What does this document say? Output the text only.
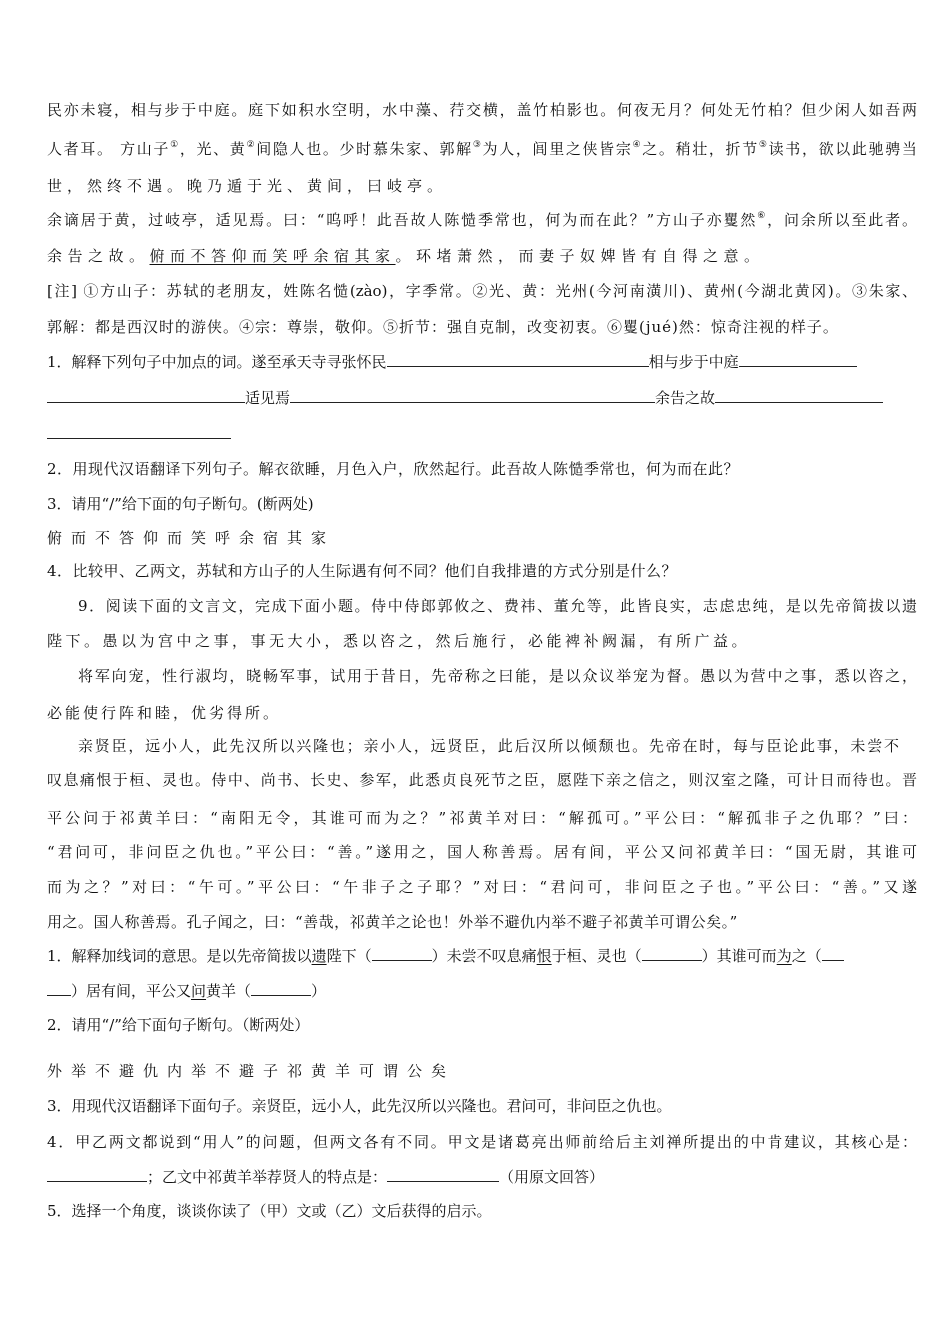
民亦未寝，相与步于中庭。庭下如积水空明，水中藻、荇交横，盖竹柏影也。何夜无月？何处无竹柏？但少闲人如吾两
人者耳。 方山子①，光、黄②间隐人也。少时慕朱家、郭解③为人，闾里之侠皆宗④之。稍壮，折节⑤读书，欲以此驰骋当
世，然终不遇。晚乃遁于光、黄间，曰岐亭。
余谪居于黄，过岐亭，适见焉。曰：“呜呼！此吾故人陈慥季常也，何为而在此？”方山子亦矍然⑥，问余所以至此者。
余告之故。俯而不答仰而笑呼余宿其家。环堵萧然，而妻子奴婢皆有自得之意。
[注] ①方山子：苏轼的老朋友，姓陈名慥(zào)，字季常。②光、黄：光州(今河南潢川)、黄州(今湖北黄冈)。③朱家、
郭解：都是西汉时的游侠。④宗：尊崇，敬仰。⑤折节：强自克制，改变初衷。⑥矍(jué)然：惊奇注视的样子。
1．解释下列句子中加点的词。遂至承天寺寻张怀民	相与步于中庭
适见焉	余告之故
2．用现代汉语翻译下列句子。解衣欲睡，月色入户，欣然起行。此吾故人陈慥季常也，何为而在此？
3．请用“/”给下面的句子断句。(断两处)
俯而不答仰而笑呼余宿其家
4．比较甲、乙两文，苏轼和方山子的人生际遇有何不同？他们自我排遣的方式分别是什么？
9．阅读下面的文言文，完成下面小题。侍中侍郎郭攸之、费祎、董允等，此皆良实，志虑忠纯，是以先帝简拔以遗
陛下。愚以为宫中之事，事无大小，悉以咨之，然后施行，必能裨补阙漏，有所广益。
将军向宠，性行淑均，晓畅军事，试用于昔日，先帝称之曰能，是以众议举宠为督。愚以为营中之事，悉以咨之，
必能使行阵和睦，优劣得所。
亲贤臣，远小人，此先汉所以兴隆也；亲小人，远贤臣，此后汉所以倾颓也。先帝在时，每与臣论此事，未尝不
叹息痛恨于桓、灵也。侍中、尚书、长史、参军，此悉贞良死节之臣，愿陛下亲之信之，则汉室之隆，可计日而待也。晋
平公问于祁黄羊曰：“南阳无令，其谁可而为之？”祁黄羊对曰：“解孤可。”平公曰：“解孤非子之仇耶？”曰：
“君问可，非问臣之仇也。”平公曰：“善。”遂用之，国人称善焉。居有间，平公又问祁黄羊曰：“国无尉，其谁可
而为之？”对曰：“午可。”平公曰：“午非子之子耶？”对曰：“君问可，非问臣之子也。”平公曰：“善。”又遂
用之。国人称善焉。孔子闻之，曰：“善哉，祁黄羊之论也！外举不避仇内举不避子祁黄羊可谓公矣。”
1．解释加线词的意思。是以先帝简拔以遗陛下（	）未尝不叹息痛恨于桓、灵也（	）其谁可而为之（
）居有间，平公又问黄羊（	）
2．请用“/”给下面句子断句。（断两处）
外举不避仇内举不避子祁黄羊可谓公矣
3．用现代汉语翻译下面句子。亲贤臣，远小人，此先汉所以兴隆也。君问可，非问臣之仇也。
4．甲乙两文都说到“用人”的问题，但两文各有不同。甲文是诸葛亮出师前给后主刘禅所提出的中肯建议，其核心是：
；乙文中祁黄羊举荐贤人的特点是：	（用原文回答）
5．选择一个角度，谈谈你读了（甲）文或（乙）文后获得的启示。
